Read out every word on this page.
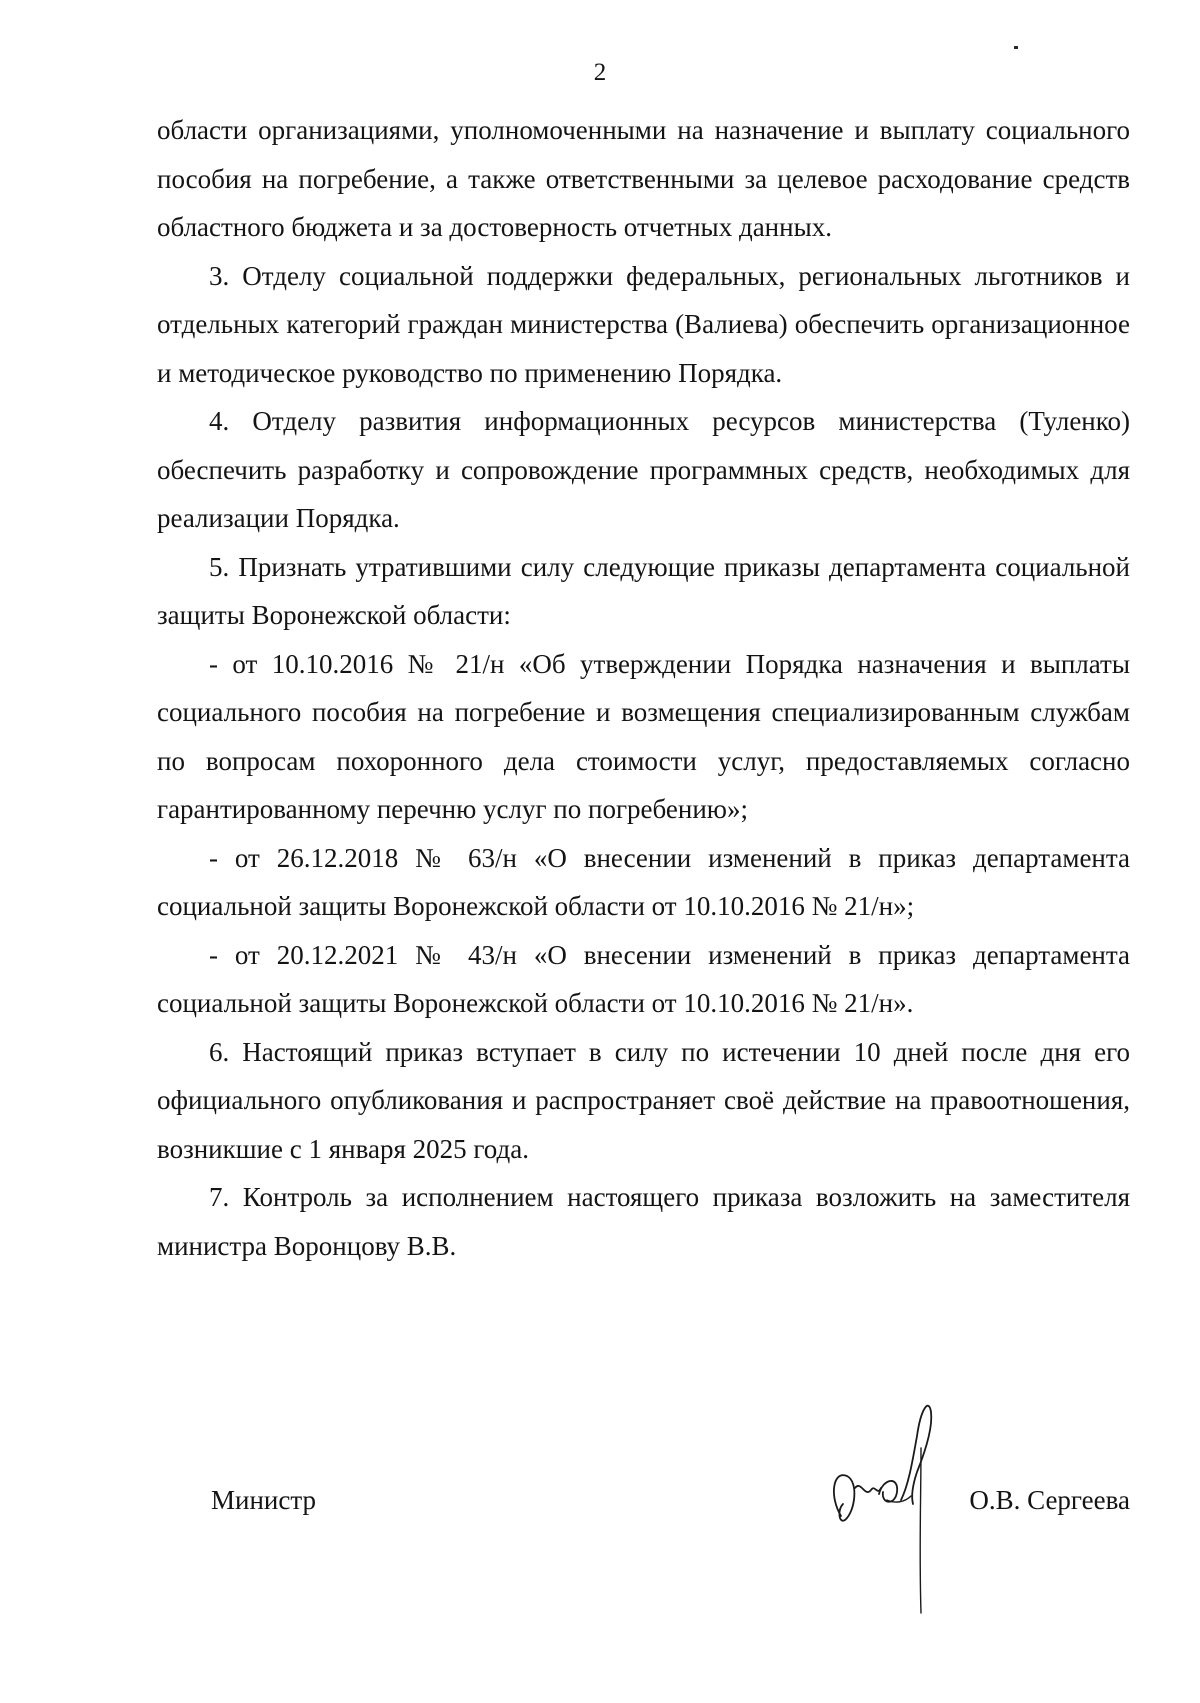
2

области организациями, уполномоченными на назначение и выплату социального пособия на погребение, а также ответственными за целевое расходование средств областного бюджета и за достоверность отчетных данных.

3. Отделу социальной поддержки федеральных, региональных льготников и отдельных категорий граждан министерства (Валиева) обеспечить организационное и методическое руководство по применению Порядка.

4. Отделу развития информационных ресурсов министерства (Туленко) обеспечить разработку и сопровождение программных средств, необходимых для реализации Порядка.

5. Признать утратившими силу следующие приказы департамента социальной защиты Воронежской области:

- от 10.10.2016 № 21/н «Об утверждении Порядка назначения и выплаты социального пособия на погребение и возмещения специализированным службам по вопросам похоронного дела стоимости услуг, предоставляемых согласно гарантированному перечню услуг по погребению»;

- от 26.12.2018 № 63/н «О внесении изменений в приказ департамента социальной защиты Воронежской области от 10.10.2016 № 21/н»;

- от 20.12.2021 № 43/н «О внесении изменений в приказ департамента социальной защиты Воронежской области от 10.10.2016 № 21/н».

6. Настоящий приказ вступает в силу по истечении 10 дней после дня его официального опубликования и распространяет своё действие на правоотношения, возникшие с 1 января 2025 года.

7. Контроль за исполнением настоящего приказа возложить на заместителя министра Воронцову В.В.

Министр	О.В. Сергеева
